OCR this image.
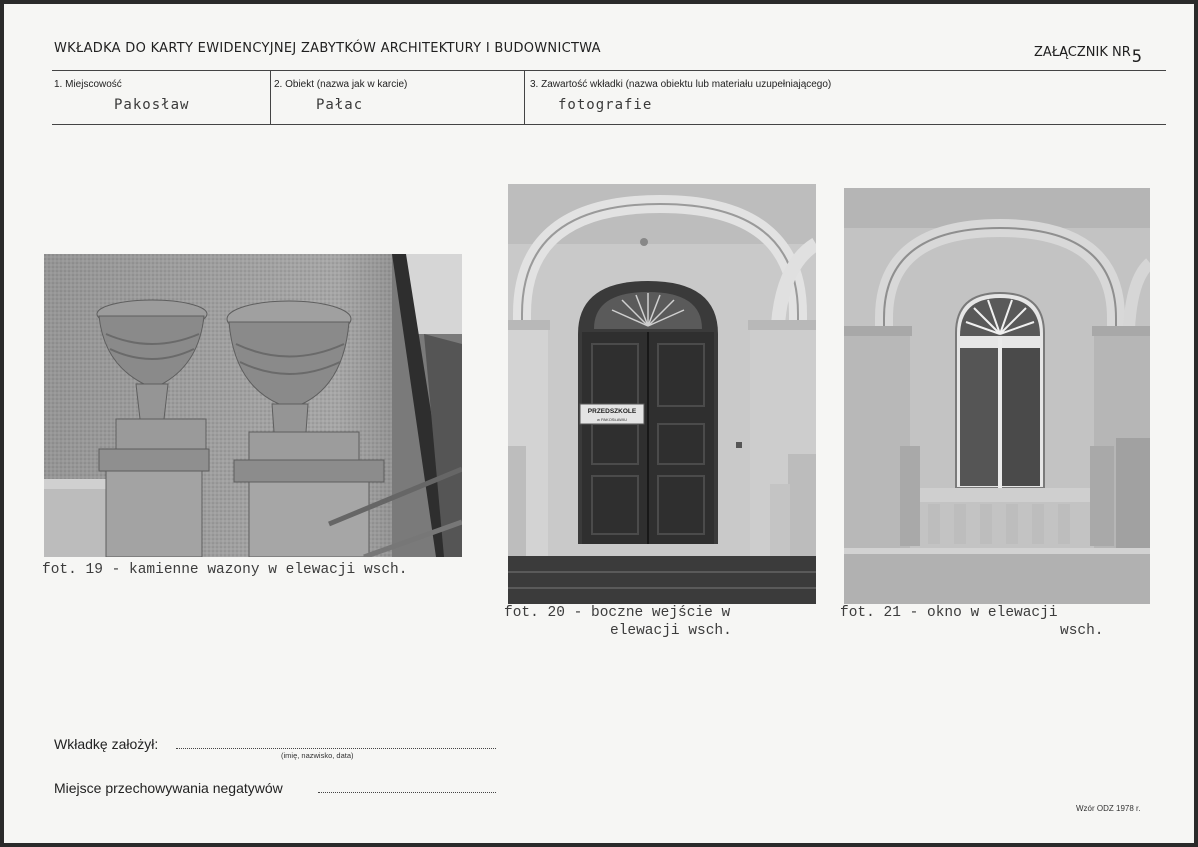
WKŁADKA DO KARTY EWIDENCYJNEJ ZABYTKÓW ARCHITEKTURY I BUDOWNICTWA	ZAŁĄCZNIK NR5
1. Miejscowość
Pakosław
2. Obiekt (nazwa jak w karcie)
Pałac
3. Zawartość wkładki (nazwa obiektu lub materiału uzupełniającego)
fotografie
fot. 19 - kamienne wazony w elewacji wsch.
PRZEDSZKOLE
w PAKOSŁAWIU
fot. 20 - boczne wejście w
elewacji wsch.
fot. 21 - okno w elewacji
wsch.
Wkładkę założył:
(imię, nazwisko, data)
Miejsce przechowywania negatywów
Wzór ODZ 1978 r.
